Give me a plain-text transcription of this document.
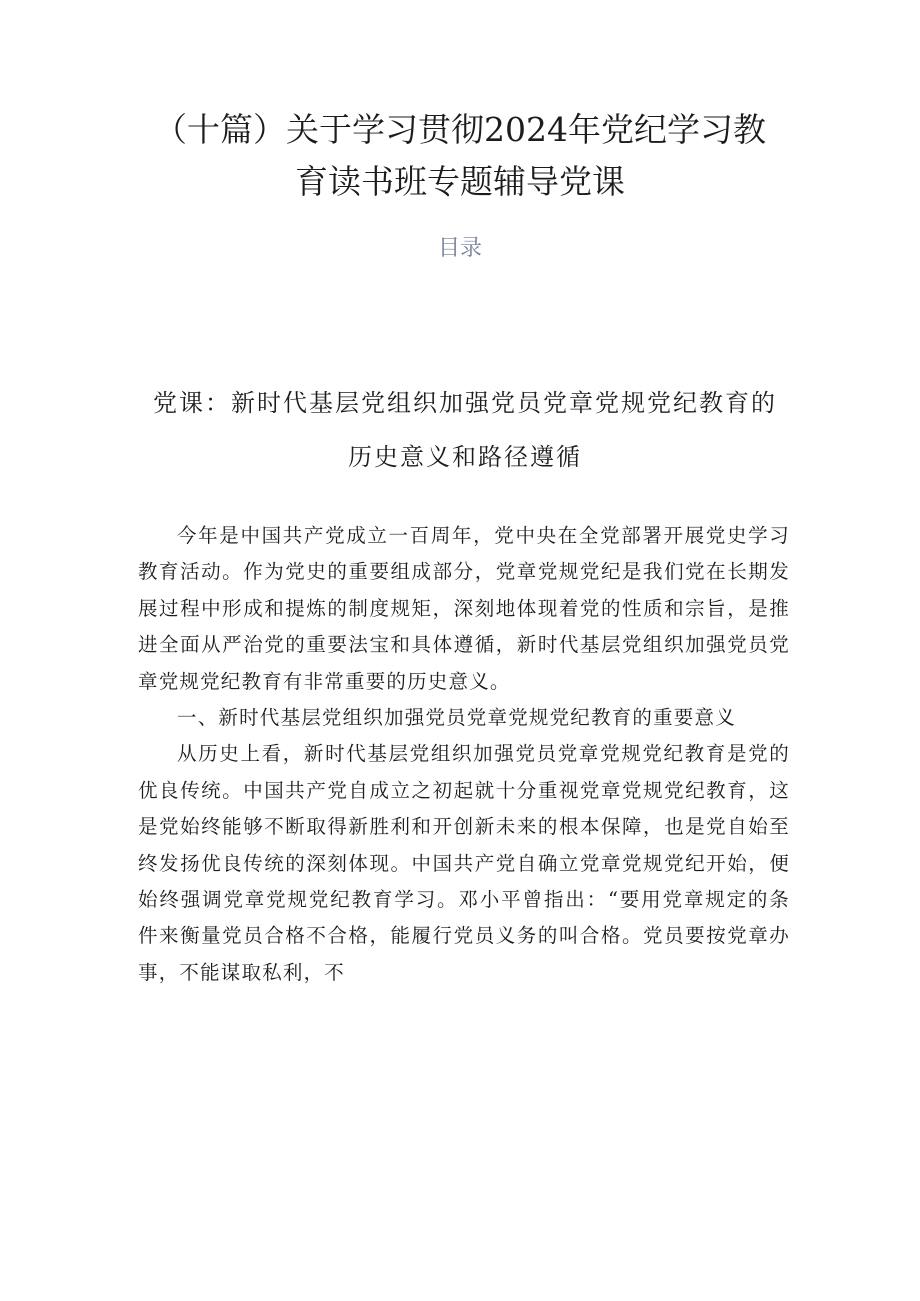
（十篇）关于学习贯彻2024年党纪学习教育读书班专题辅导党课
目录
党课：新时代基层党组织加强党员党章党规党纪教育的历史意义和路径遵循

今年是中国共产党成立一百周年，党中央在全党部署开展党史学习教育活动。作为党史的重要组成部分，党章党规党纪是我们党在长期发展过程中形成和提炼的制度规矩，深刻地体现着党的性质和宗旨，是推进全面从严治党的重要法宝和具体遵循，新时代基层党组织加强党员党章党规党纪教育有非常重要的历史意义。

一、新时代基层党组织加强党员党章党规党纪教育的重要意义

从历史上看，新时代基层党组织加强党员党章党规党纪教育是党的优良传统。中国共产党自成立之初起就十分重视党章党规党纪教育，这是党始终能够不断取得新胜利和开创新未来的根本保障，也是党自始至终发扬优良传统的深刻体现。中国共产党自确立党章党规党纪开始，便始终强调党章党规党纪教育学习。邓小平曾指出：“要用党章规定的条件来衡量党员合格不合格，能履行党员义务的叫合格。党员要按党章办事，不能谋取私利，不
